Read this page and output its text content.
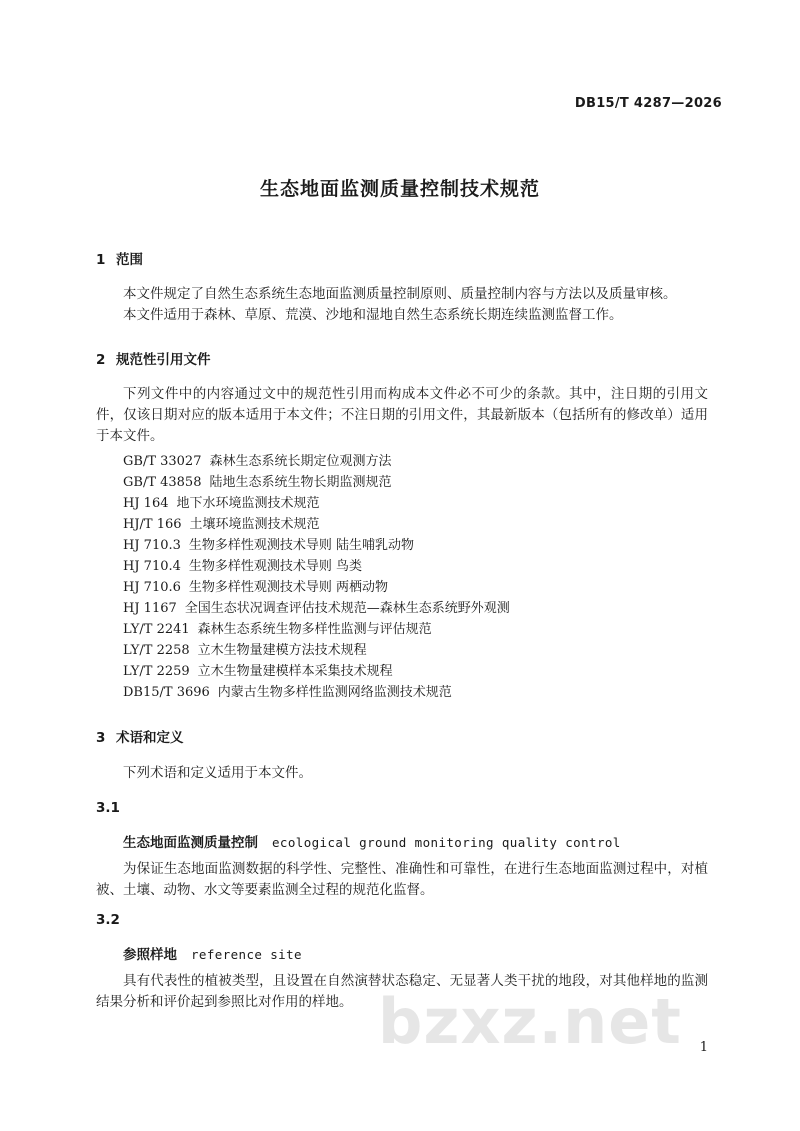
DB15/T 4287—2026
生态地面监测质量控制技术规范
1 范围
本文件规定了自然生态系统生态地面监测质量控制原则、质量控制内容与方法以及质量审核。
本文件适用于森林、草原、荒漠、沙地和湿地自然生态系统长期连续监测监督工作。
2 规范性引用文件
下列文件中的内容通过文中的规范性引用而构成本文件必不可少的条款。其中，注日期的引用文件，仅该日期对应的版本适用于本文件；不注日期的引用文件，其最新版本（包括所有的修改单）适用于本文件。
GB/T 33027 森林生态系统长期定位观测方法
GB/T 43858 陆地生态系统生物长期监测规范
HJ 164 地下水环境监测技术规范
HJ/T 166 土壤环境监测技术规范
HJ 710.3 生物多样性观测技术导则 陆生哺乳动物
HJ 710.4 生物多样性观测技术导则 鸟类
HJ 710.6 生物多样性观测技术导则 两栖动物
HJ 1167 全国生态状况调查评估技术规范—森林生态系统野外观测
LY/T 2241 森林生态系统生物多样性监测与评估规范
LY/T 2258 立木生物量建模方法技术规程
LY/T 2259 立木生物量建模样本采集技术规程
DB15/T 3696 内蒙古生物多样性监测网络监测技术规范
3 术语和定义
下列术语和定义适用于本文件。
3.1
生态地面监测质量控制 ecological ground monitoring quality control
为保证生态地面监测数据的科学性、完整性、准确性和可靠性，在进行生态地面监测过程中，对植被、土壤、动物、水文等要素监测全过程的规范化监督。
3.2
参照样地 reference site
具有代表性的植被类型，且设置在自然演替状态稳定、无显著人类干扰的地段，对其他样地的监测结果分析和评价起到参照比对作用的样地。 bzxz.net 1
